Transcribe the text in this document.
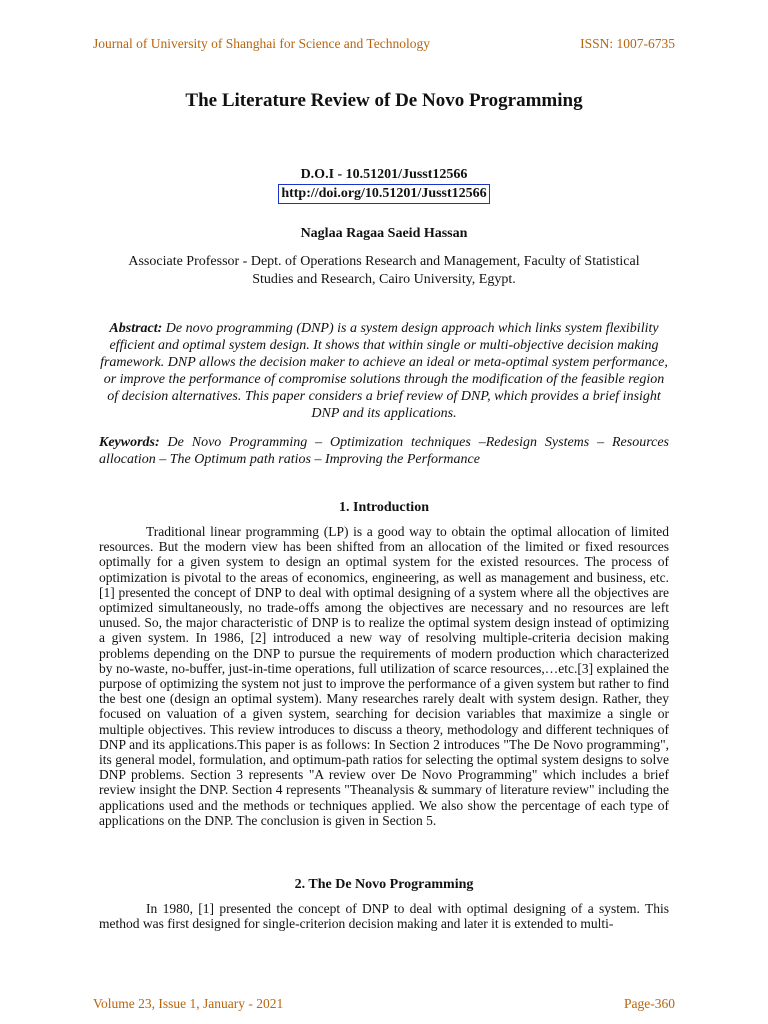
Journal of University of Shanghai for Science and Technology	ISSN: 1007-6735
The Literature Review of De Novo Programming
D.O.I - 10.51201/Jusst12566
http://doi.org/10.51201/Jusst12566
Naglaa Ragaa Saeid Hassan
Associate Professor - Dept. of Operations Research and Management, Faculty of Statistical Studies and Research, Cairo University, Egypt.
Abstract: De novo programming (DNP) is a system design approach which links system flexibility efficient and optimal system design. It shows that within single or multi-objective decision making framework. DNP allows the decision maker to achieve an ideal or meta-optimal system performance, or improve the performance of compromise solutions through the modification of the feasible region of decision alternatives. This paper considers a brief review of DNP, which provides a brief insight DNP and its applications.
Keywords: De Novo Programming – Optimization techniques –Redesign Systems – Resources allocation – The Optimum path ratios – Improving the Performance
1. Introduction

Traditional linear programming (LP) is a good way to obtain the optimal allocation of limited resources. But the modern view has been shifted from an allocation of the limited or fixed resources optimally for a given system to design an optimal system for the existed resources. The process of optimization is pivotal to the areas of economics, engineering, as well as management and business, etc. [1] presented the concept of DNP to deal with optimal designing of a system where all the objectives are optimized simultaneously, no trade-offs among the objectives are necessary and no resources are left unused. So, the major characteristic of DNP is to realize the optimal system design instead of optimizing a given system. In 1986, [2] introduced a new way of resolving multiple-criteria decision making problems depending on the DNP to pursue the requirements of modern production which characterized by no-waste, no-buffer, just-in-time operations, full utilization of scarce resources,…etc.[3] explained the purpose of optimizing the system not just to improve the performance of a given system but rather to find the best one (design an optimal system). Many researches rarely dealt with system design. Rather, they focused on valuation of a given system, searching for decision variables that maximize a single or multiple objectives. This review introduces to discuss a theory, methodology and different techniques of DNP and its applications.This paper is as follows: In Section 2 introduces "The De Novo programming", its general model, formulation, and optimum-path ratios for selecting the optimal system designs to solve DNP problems. Section 3 represents "A review over De Novo Programming" which includes a brief review insight the DNP. Section 4 represents "Theanalysis & summary of literature review" including the applications used and the methods or techniques applied. We also show the percentage of each type of applications on the DNP. The conclusion is given in Section 5.

2. The De Novo Programming

In 1980, [1] presented the concept of DNP to deal with optimal designing of a system. This method was first designed for single-criterion decision making and later it is extended to multi-

Volume 23, Issue 1, January - 2021	Page-360
